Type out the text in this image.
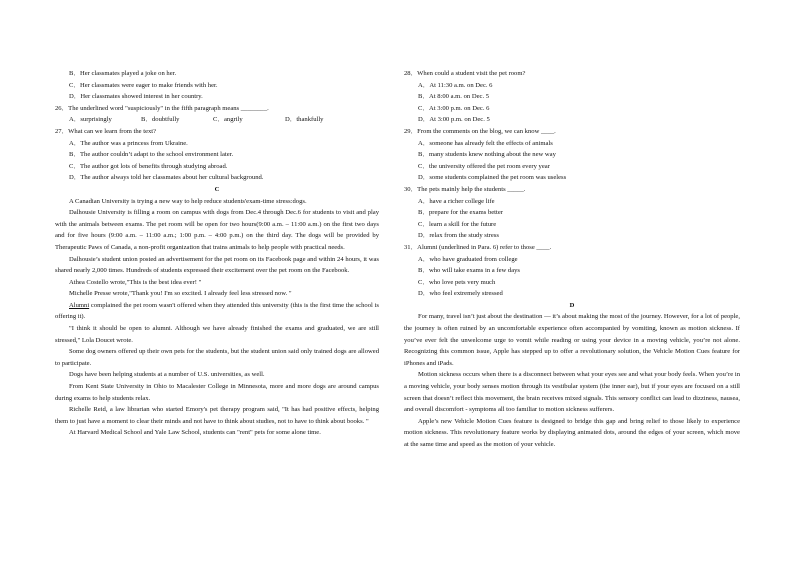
B．Her classmates played a joke on her.
C．Her classmates were eager to make friends with her.
D．Her classmates showed interest in her country.
26．The underlined word "suspiciously" in the fifth paragraph means ________.
A．surprisingly	B．doubtfully	C．angrily	D．thankfully
27．What can we learn from the text?
A．The author was a princess from Ukraine.
B．The author couldn’t adapt to the school environment later.
C．The author got lots of benefits through studying abroad.
D．The author always told her classmates about her cultural background.
C
A Canadian University is trying a new way to help reduce students'exam-time stress:dogs.
Dalhousie University is filling a room on campus with dogs from Dec.4 through Dec.6 for students to visit and play with the animals between exams. The pet room will be open for two hours(9:00 a.m. – 11:00 a.m.) on the first two days and for five hours (9:00 a.m. – 11:00 a.m.; 1:00 p.m. – 4:00 p.m.) on the third day. The dogs will be provided by Therapeutic Paws of Canada, a non-profit organization that trains animals to help people with practical needs.
Dalhousie’s student union posted an advertisement for the pet room on its Facebook page and within 24 hours, it was shared nearly 2,000 times. Hundreds of students expressed their excitement over the pet room on the Facebook.
Athea Costello wrote,"This is the best idea ever! "
Michelle Presse wrote,"Thank you! I'm so excited. I already feel less stressed now. "
Alumni complained the pet room wasn't offered when they attended this university (this is the first time the school is offering it).
"I think it should be open to alumni. Although we have already finished the exams and graduated, we are still stressed," Lola Doucet wrote.
Some dog owners offered up their own pets for the students, but the student union said only trained dogs are allowed to participate.
Dogs have been helping students at a number of U.S. universities, as well.
From Kent State University in Ohio to Macalester College in Minnesota, more and more dogs are around campus during exams to help students relax.
Richelle Reid, a law librarian who started Emory's pet therapy program said, "It has had positive effects, helping them to just have a moment to clear their minds and not have to think about studies, not to have to think about books. "
At Harvard Medical School and Yale Law School, students can "rent" pets for some alone time.
28．When could a student visit the pet room?
A．At 11:30 a.m. on Dec. 6
B．At 8:00 a.m. on Dec. 5
C．At 3:00 p.m. on Dec. 6
D．At 3:00 p.m. on Dec. 5
29．From the comments on the blog, we can know ____.
A．someone has already felt the effects of animals
B．many students knew nothing about the new way
C．the university offered the pet room every year
D．some students complained the pet room was useless
30．The pets mainly help the students _____.
A．have a richer college life
B．prepare for the exams better
C．learn a skill for the future
D．relax from the study stress
31．Alumni (underlined in Para. 6) refer to those ____.
A．who have graduated from college
B．who will take exams in a few days
C．who love pets very much
D．who feel extremely stressed
D
For many, travel isn’t just about the destination — it’s about making the most of the journey. However, for a lot of people, the journey is often ruined by an uncomfortable experience often accompanied by vomiting, known as motion sickness. If you’ve ever felt the unwelcome urge to vomit while reading or using your device in a moving vehicle, you’re not alone. Recognizing this common issue, Apple has stepped up to offer a revolutionary solution, the Vehicle Motion Cues feature for iPhones and iPads.
Motion sickness occurs when there is a disconnect between what your eyes see and what your body feels. When you’re in a moving vehicle, your body senses motion through its vestibular system (the inner ear), but if your eyes are focused on a still screen that doesn’t reflect this movement, the brain receives mixed signals. This sensory conflict can lead to dizziness, nausea, and overall discomfort - symptoms all too familiar to motion sickness sufferers.
Apple’s new Vehicle Motion Cues feature is designed to bridge this gap and bring relief to those likely to experience motion sickness. This revolutionary feature works by displaying animated dots, around the edges of your screen, which move at the same time and speed as the motion of your vehicle.
